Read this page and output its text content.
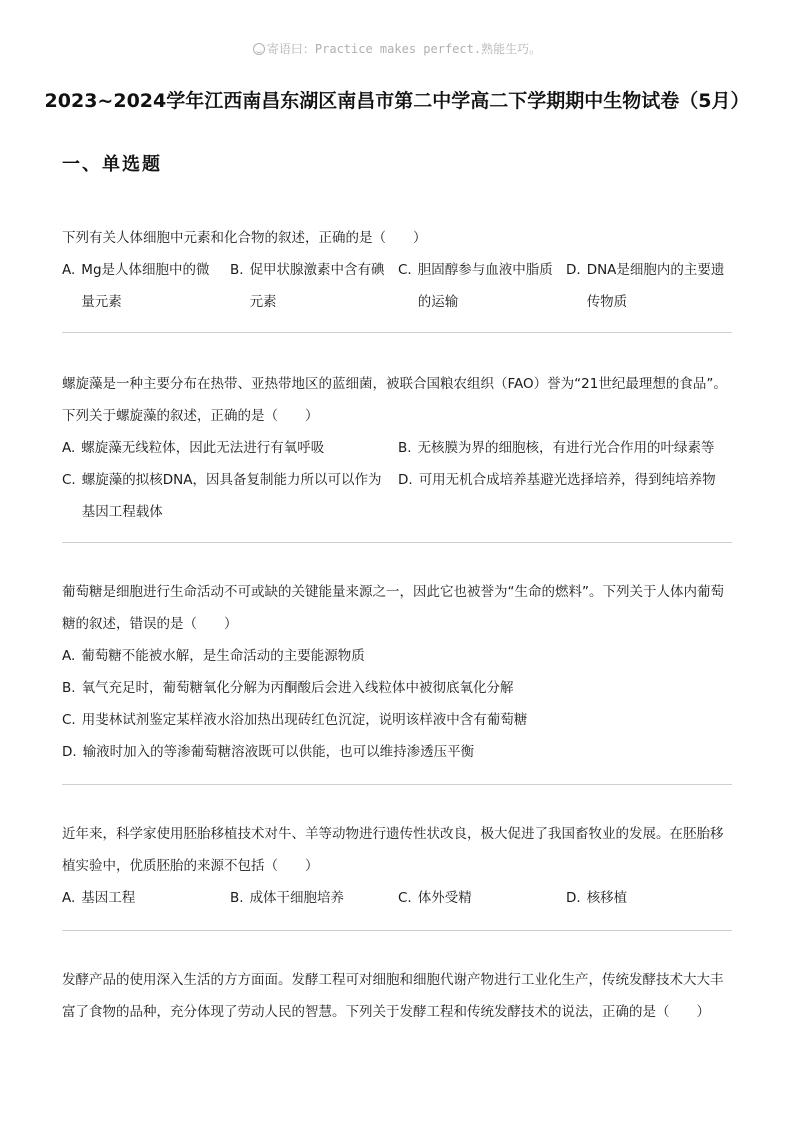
寄语曰：Practice makes perfect.熟能生巧。
2023~2024学年江西南昌东湖区南昌市第二中学高二下学期期中生物试卷（5月）
一、单选题
下列有关人体细胞中元素和化合物的叙述，正确的是（　　）
A. Mg是人体细胞中的微量元素
B. 促甲状腺激素中含有碘元素
C. 胆固醇参与血液中脂质的运输
D. DNA是细胞内的主要遗传物质
螺旋藻是一种主要分布在热带、亚热带地区的蓝细菌，被联合国粮农组织（FAO）誉为“21世纪最理想的食品”。下列关于螺旋藻的叙述，正确的是（　　）
A. 螺旋藻无线粒体，因此无法进行有氧呼吸	B. 无核膜为界的细胞核，有进行光合作用的叶绿素等
C. 螺旋藻的拟核DNA，因具备复制能力所以可以作为基因工程载体
D. 可用无机合成培养基避光选择培养，得到纯培养物
葡萄糖是细胞进行生命活动不可或缺的关键能量来源之一，因此它也被誉为“生命的燃料”。下列关于人体内葡萄糖的叙述，错误的是（　　）
A. 葡萄糖不能被水解，是生命活动的主要能源物质
B. 氧气充足时，葡萄糖氧化分解为丙酮酸后会进入线粒体中被彻底氧化分解
C. 用斐林试剂鉴定某样液水浴加热出现砖红色沉淀，说明该样液中含有葡萄糖
D. 输液时加入的等渗葡萄糖溶液既可以供能，也可以维持渗透压平衡
近年来，科学家使用胚胎移植技术对牛、羊等动物进行遗传性状改良，极大促进了我国畜牧业的发展。在胚胎移植实验中，优质胚胎的来源不包括（　　）
A. 基因工程	B. 成体干细胞培养	C. 体外受精	D. 核移植
发酵产品的使用深入生活的方方面面。发酵工程可对细胞和细胞代谢产物进行工业化生产，传统发酵技术大大丰富了食物的品种，充分体现了劳动人民的智慧。下列关于发酵工程和传统发酵技术的说法，正确的是（　　）
